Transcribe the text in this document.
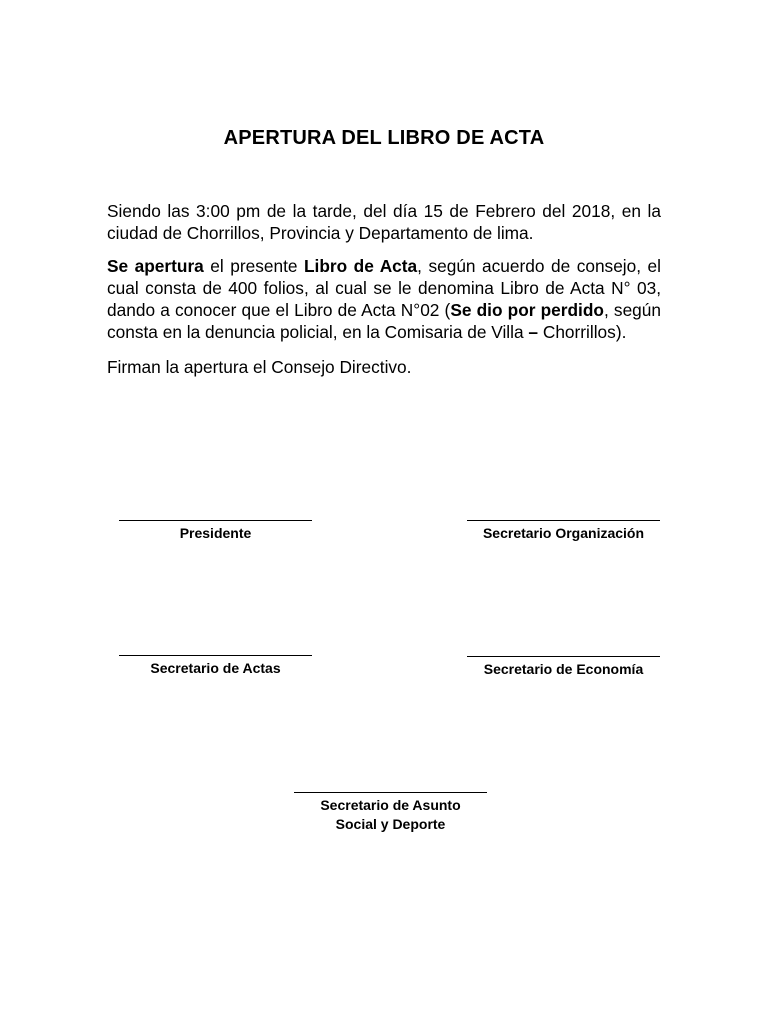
APERTURA DEL LIBRO DE ACTA
Siendo las 3:00 pm de la tarde, del día 15 de Febrero del 2018, en la ciudad de Chorrillos, Provincia y Departamento de lima.
Se apertura el presente Libro de Acta, según acuerdo de consejo, el cual consta de 400 folios, al cual se le denomina Libro de Acta N° 03, dando a conocer que el Libro de Acta N°02 (Se dio por perdido, según consta en la denuncia policial, en la Comisaria de Villa – Chorrillos).
Firman la apertura el Consejo Directivo.
Presidente	Secretario Organización
Secretario de Actas	Secretario de Economía
Secretario de Asunto
Social y Deporte
